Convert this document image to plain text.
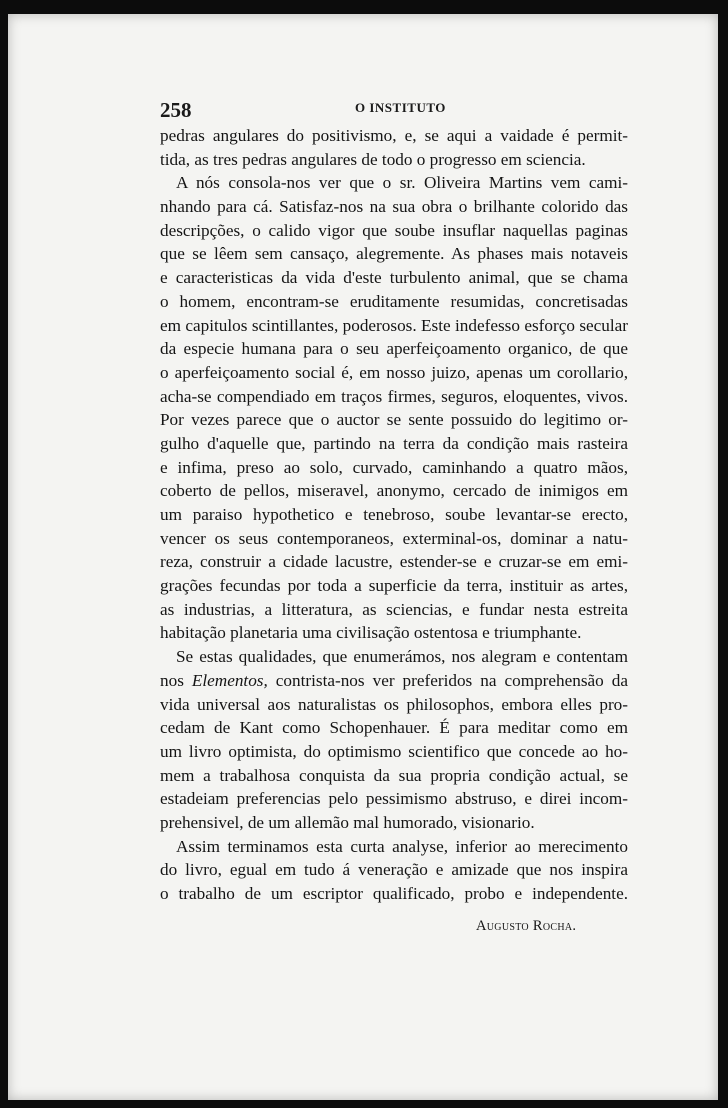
258	O INSTITUTO
pedras angulares do positivismo, e, se aqui a vaidade é permit-
tida, as tres pedras angulares de todo o progresso em sciencia.
A nós consola-nos ver que o sr. Oliveira Martins vem cami-
nhando para cá. Satisfaz-nos na sua obra o brilhante colorido das
descripções, o calido vigor que soube insuflar naquellas paginas
que se lêem sem cansaço, alegremente. As phases mais notaveis
e caracteristicas da vida d'este turbulento animal, que se chama
o homem, encontram-se eruditamente resumidas, concretisadas
em capitulos scintillantes, poderosos. Este indefesso esforço secular
da especie humana para o seu aperfeiçoamento organico, de que
o aperfeiçoamento social é, em nosso juizo, apenas um corollario,
acha-se compendiado em traços firmes, seguros, eloquentes, vivos.
Por vezes parece que o auctor se sente possuido do legitimo or-
gulho d'aquelle que, partindo na terra da condição mais rasteira
e infima, preso ao solo, curvado, caminhando a quatro mãos,
coberto de pellos, miseravel, anonymo, cercado de inimigos em
um paraiso hypothetico e tenebroso, soube levantar-se erecto,
vencer os seus contemporaneos, exterminal-os, dominar a natu-
reza, construir a cidade lacustre, estender-se e cruzar-se em emi-
grações fecundas por toda a superficie da terra, instituir as artes,
as industrias, a litteratura, as sciencias, e fundar nesta estreita
habitação planetaria uma civilisação ostentosa e triumphante.
Se estas qualidades, que enumerámos, nos alegram e contentam
nos Elementos, contrista-nos ver preferidos na comprehensão da
vida universal aos naturalistas os philosophos, embora elles pro-
cedam de Kant como Schopenhauer. É para meditar como em
um livro optimista, do optimismo scientifico que concede ao ho-
mem a trabalhosa conquista da sua propria condição actual, se
estadeiam preferencias pelo pessimismo abstruso, e direi incom-
prehensivel, de um allemão mal humorado, visionario.
Assim terminamos esta curta analyse, inferior ao merecimento
do livro, egual em tudo á veneração e amizade que nos inspira
o trabalho de um escriptor qualificado, probo e independente.
Augusto Rocha.
